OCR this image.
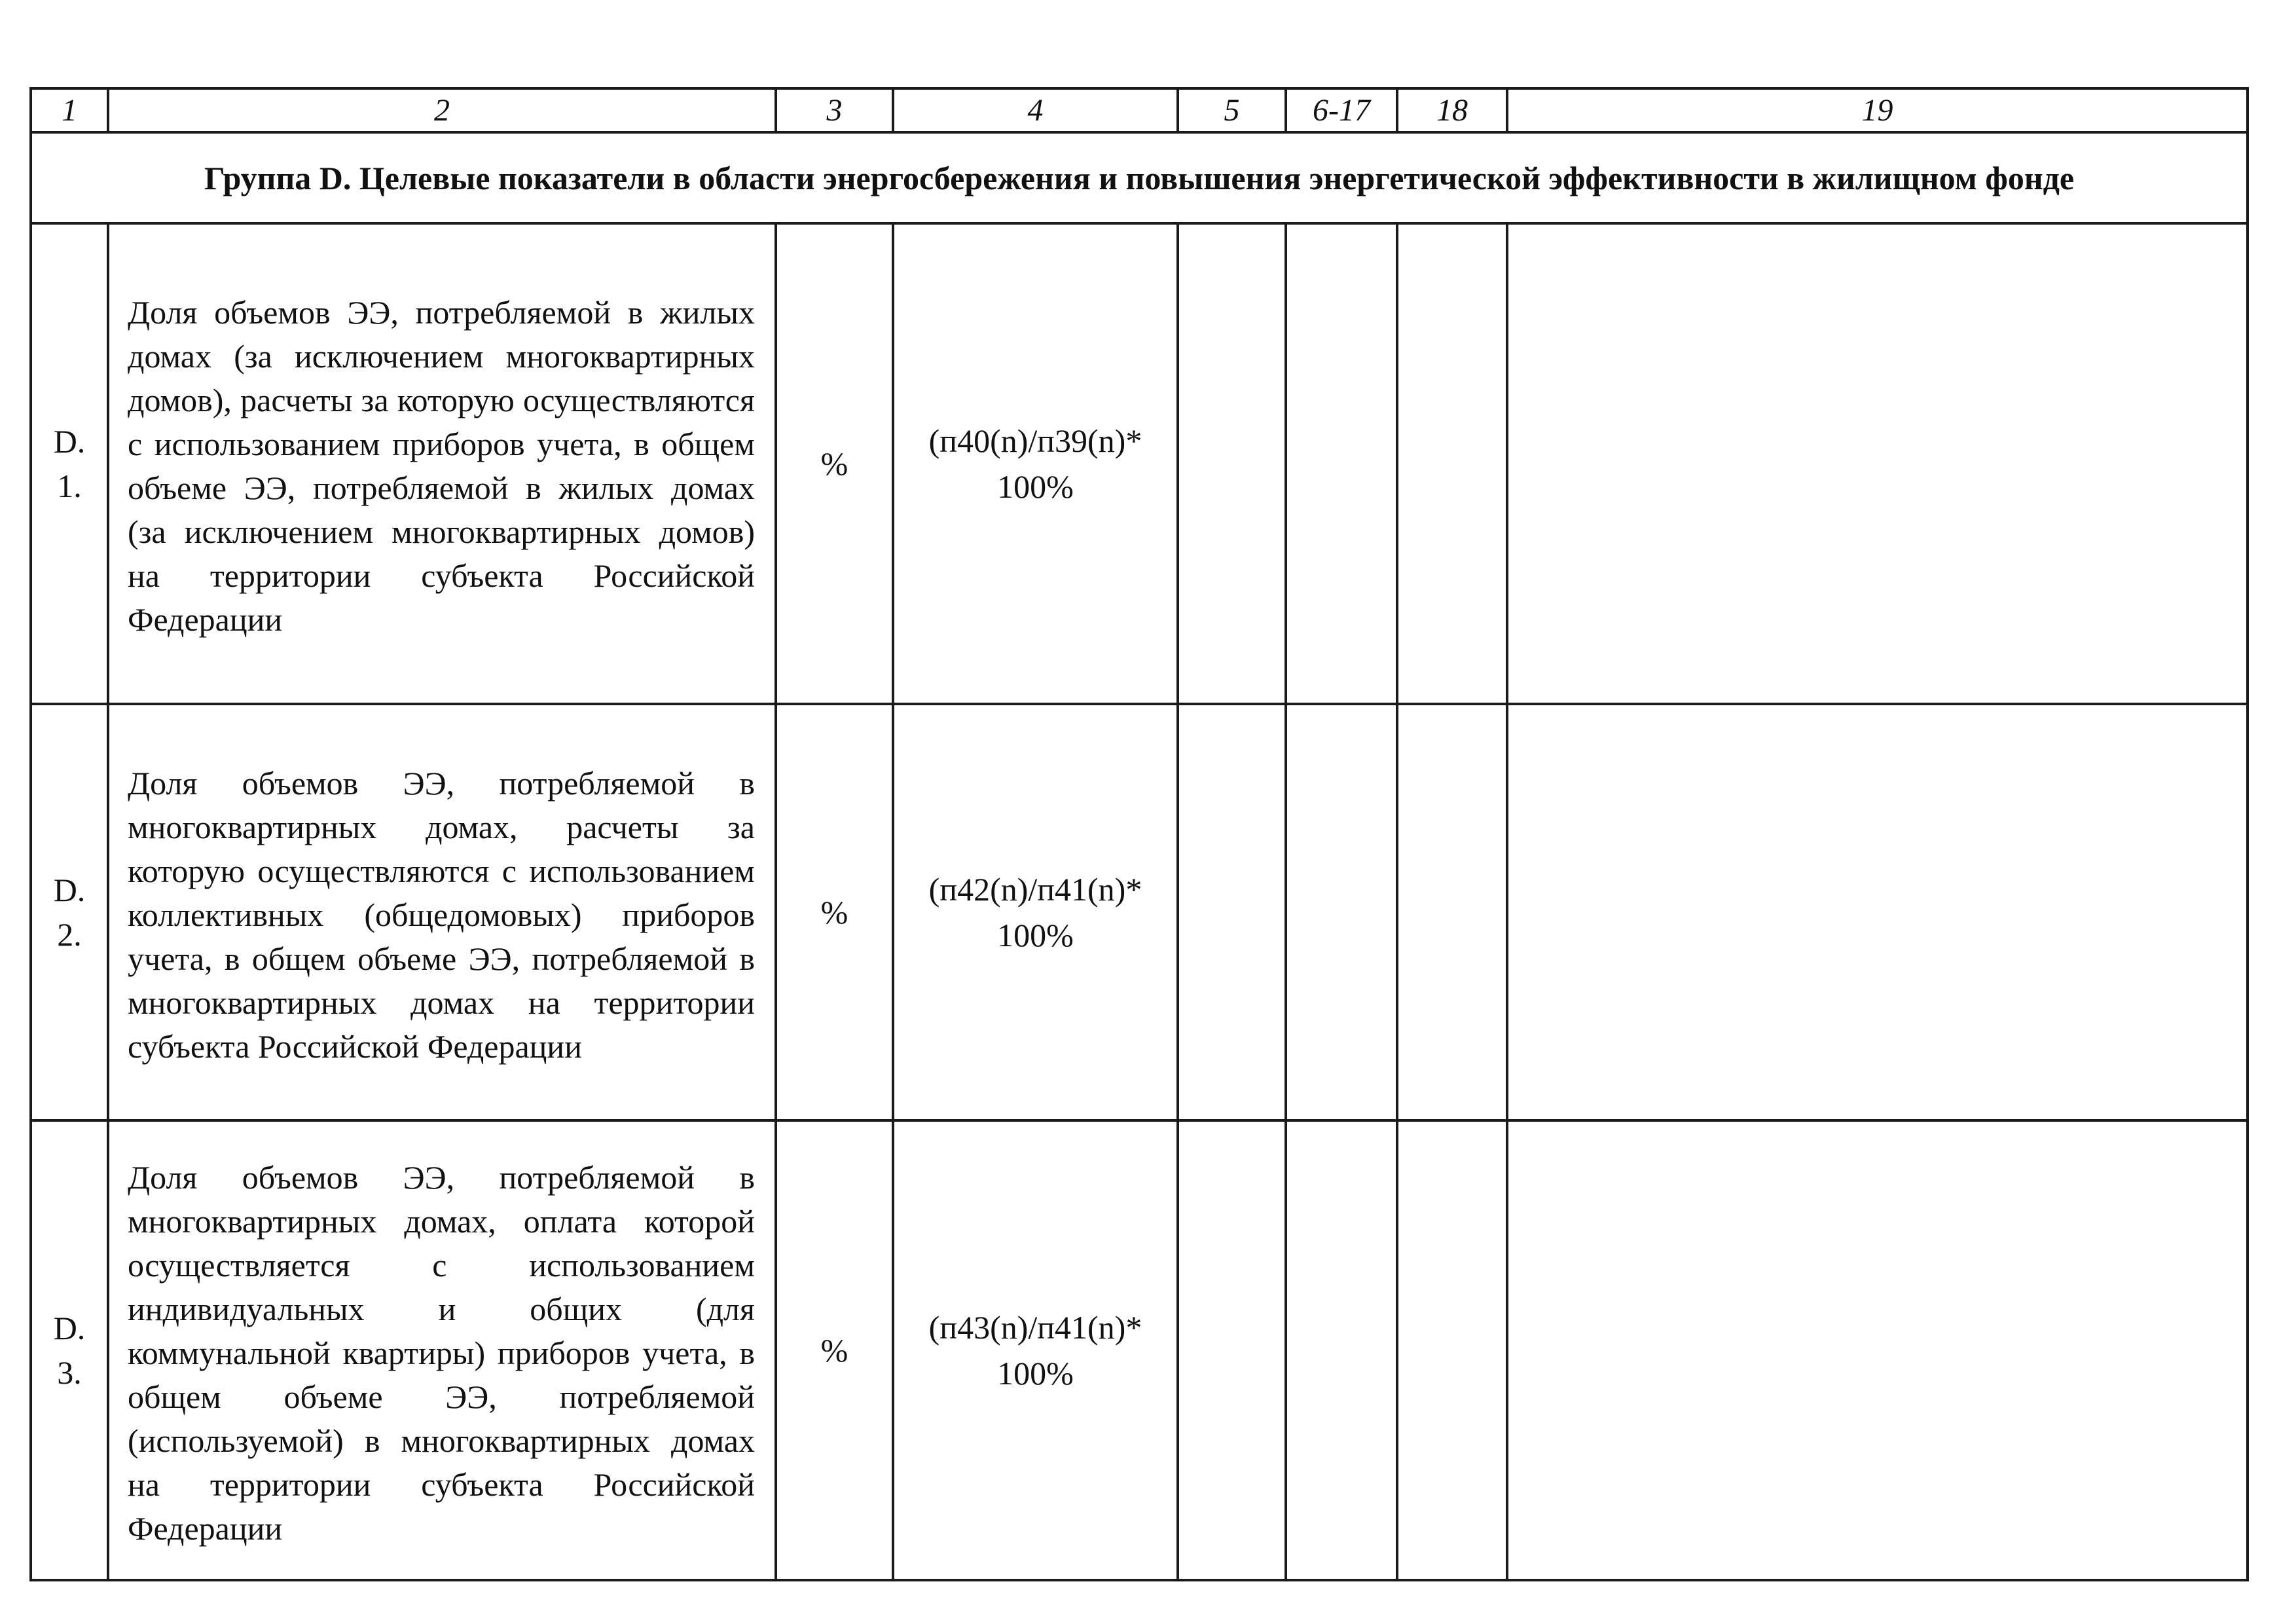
1	2	3	4	5	6-17	18	19
Группа D. Целевые показатели в области энергосбережения и повышения энергетической эффективности в жилищном фонде							

D.
1.	Доля объемов ЭЭ, потребляемой в жилых домах (за исключением многоквартирных домов), расчеты за которую осуществляются с использованием приборов учета, в общем объеме ЭЭ, потребляемой в жилых домах (за исключением многоквартирных домов) на территории субъекта Российской Федерации	%	(п40(n)/п39(n)*
100%				

D.
2.	Доля объемов ЭЭ, потребляемой в многоквартирных домах, расчеты за которую осуществляются с использованием коллективных (общедомовых) приборов учета, в общем объеме ЭЭ, потребляемой в многоквартирных домах на территории субъекта Российской Федерации	%	(п42(n)/п41(n)*
100%				

D.
3.	Доля объемов ЭЭ, потребляемой в многоквартирных домах, оплата которой осуществляется с использованием индивидуальных и общих (для коммунальной квартиры) приборов учета, в общем объеме ЭЭ, потребляемой (используемой) в многоквартирных домах на территории субъекта Российской Федерации	%	(п43(n)/п41(n)*
100%				
